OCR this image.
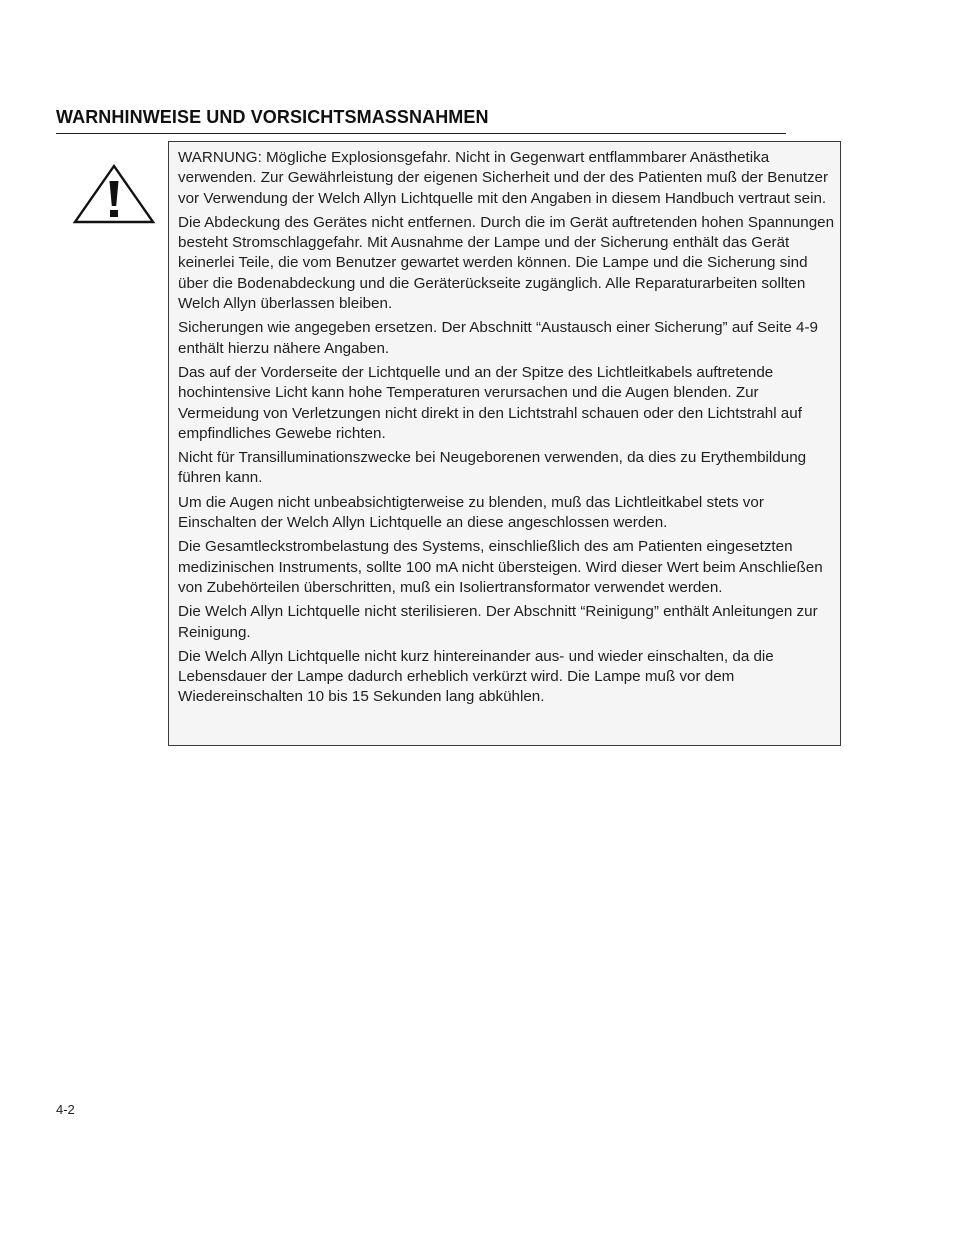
WARNHINWEISE UND VORSICHTSMASSNAHMEN

WARNUNG: Mögliche Explosionsgefahr. Nicht in Gegenwart entflammbarer Anästhetika verwenden. Zur Gewährleistung der eigenen Sicherheit und der des Patienten muß der Benutzer vor Verwendung der Welch Allyn Lichtquelle mit den Angaben in diesem Handbuch vertraut sein.

Die Abdeckung des Gerätes nicht entfernen. Durch die im Gerät auftretenden hohen Spannungen besteht Stromschlaggefahr. Mit Ausnahme der Lampe und der Sicherung enthält das Gerät keinerlei Teile, die vom Benutzer gewartet werden können. Die Lampe und die Sicherung sind über die Bodenabdeckung und die Geräterückseite zugänglich. Alle Reparaturarbeiten sollten Welch Allyn überlassen bleiben.

Sicherungen wie angegeben ersetzen. Der Abschnitt “Austausch einer Sicherung” auf Seite 4-9 enthält hierzu nähere Angaben.

Das auf der Vorderseite der Lichtquelle und an der Spitze des Lichtleitkabels auftretende hochintensive Licht kann hohe Temperaturen verursachen und die Augen blenden. Zur Vermeidung von Verletzungen nicht direkt in den Lichtstrahl schauen oder den Lichtstrahl auf empfindliches Gewebe richten.

Nicht für Transilluminationszwecke bei Neugeborenen verwenden, da dies zu Erythembildung führen kann.

Um die Augen nicht unbeabsichtigterweise zu blenden, muß das Lichtleitkabel stets vor Einschalten der Welch Allyn Lichtquelle an diese angeschlossen werden.

Die Gesamtleckstrombelastung des Systems, einschließlich des am Patienten eingesetzten medizinischen Instruments, sollte 100 mA nicht übersteigen. Wird dieser Wert beim Anschließen von Zubehörteilen überschritten, muß ein Isoliertransformator verwendet werden.

Die Welch Allyn Lichtquelle nicht sterilisieren. Der Abschnitt “Reinigung” enthält Anleitungen zur Reinigung.

Die Welch Allyn Lichtquelle nicht kurz hintereinander aus- und wieder einschalten, da die Lebensdauer der Lampe dadurch erheblich verkürzt wird. Die Lampe muß vor dem Wiedereinschalten 10 bis 15 Sekunden lang abkühlen.

4-2
